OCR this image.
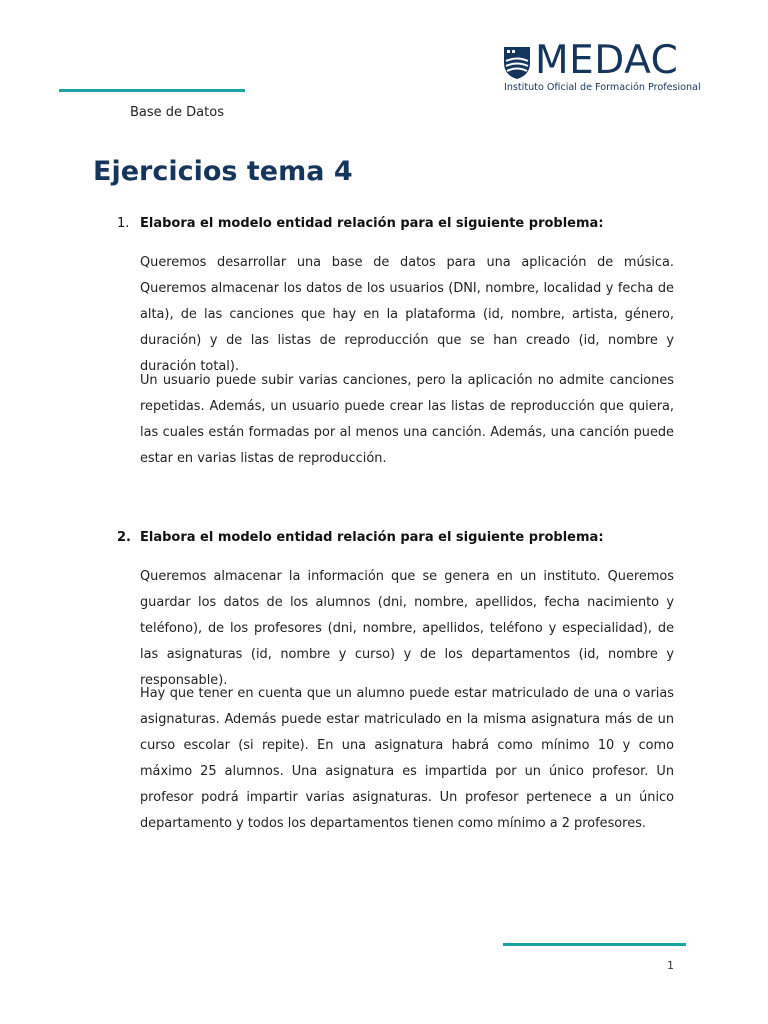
Base de Datos
MEDAC
Instituto Oficial de Formación Profesional
Ejercicios tema 4
1. Elabora el modelo entidad relación para el siguiente problema:

Queremos desarrollar una base de datos para una aplicación de música. Queremos almacenar los datos de los usuarios (DNI, nombre, localidad y fecha de alta), de las canciones que hay en la plataforma (id, nombre, artista, género, duración) y de las listas de reproducción que se han creado (id, nombre y duración total).

Un usuario puede subir varias canciones, pero la aplicación no admite canciones repetidas. Además, un usuario puede crear las listas de reproducción que quiera, las cuales están formadas por al menos una canción. Además, una canción puede estar en varias listas de reproducción.

2. Elabora el modelo entidad relación para el siguiente problema:

Queremos almacenar la información que se genera en un instituto. Queremos guardar los datos de los alumnos (dni, nombre, apellidos, fecha nacimiento y teléfono), de los profesores (dni, nombre, apellidos, teléfono y especialidad), de las asignaturas (id, nombre y curso) y de los departamentos (id, nombre y responsable).

Hay que tener en cuenta que un alumno puede estar matriculado de una o varias asignaturas. Además puede estar matriculado en la misma asignatura más de un curso escolar (si repite). En una asignatura habrá como mínimo 10 y como máximo 25 alumnos. Una asignatura es impartida por un único profesor. Un profesor podrá impartir varias asignaturas. Un profesor pertenece a un único departamento y todos los departamentos tienen como mínimo a 2 profesores.

1
